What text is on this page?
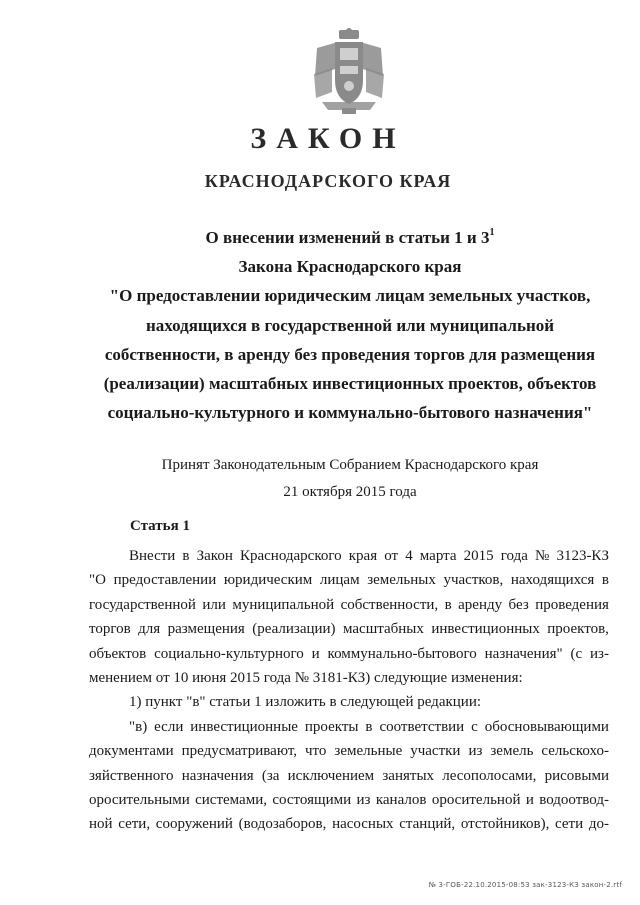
ЗАКОН
КРАСНОДАРСКОГО КРАЯ
О внесении изменений в статьи 1 и $3^1$
Закона Краснодарского края
"О предоставлении юридическим лицам земельных участков,
находящихся в государственной или муниципальной
собственности, в аренду без проведения торгов для размещения
(реализации) масштабных инвестиционных проектов, объектов
социально-культурного и коммунально-бытового назначения"
Принят Законодательным Собранием Краснодарского края
21 октября 2015 года
Статья 1
Внести в Закон Краснодарского края от 4 марта 2015 года № 3123-КЗ
"О предоставлении юридическим лицам земельных участков, находящихся в
государственной или муниципальной собственности, в аренду без проведения
торгов для размещения (реализации) масштабных инвестиционных проектов,
объектов социально-культурного и коммунально-бытового назначения" (с из-
менением от 10 июня 2015 года № 3181-КЗ) следующие изменения:
1) пункт "в" статьи 1 изложить в следующей редакции:
"в) если инвестиционные проекты в соответствии с обосновывающими
документами предусматривают, что земельные участки из земель сельскохо-
зяйственного назначения (за исключением занятых лесополосами, рисовыми
оросительными системами, состоящими из каналов оросительной и водоотвод-
ной сети, сооружений (водозаборов, насосных станций, отстойников), сети до-
№ 3-ГОБ-22.10.2015-08:53 зак-3123-КЗ закон-2.rtf
